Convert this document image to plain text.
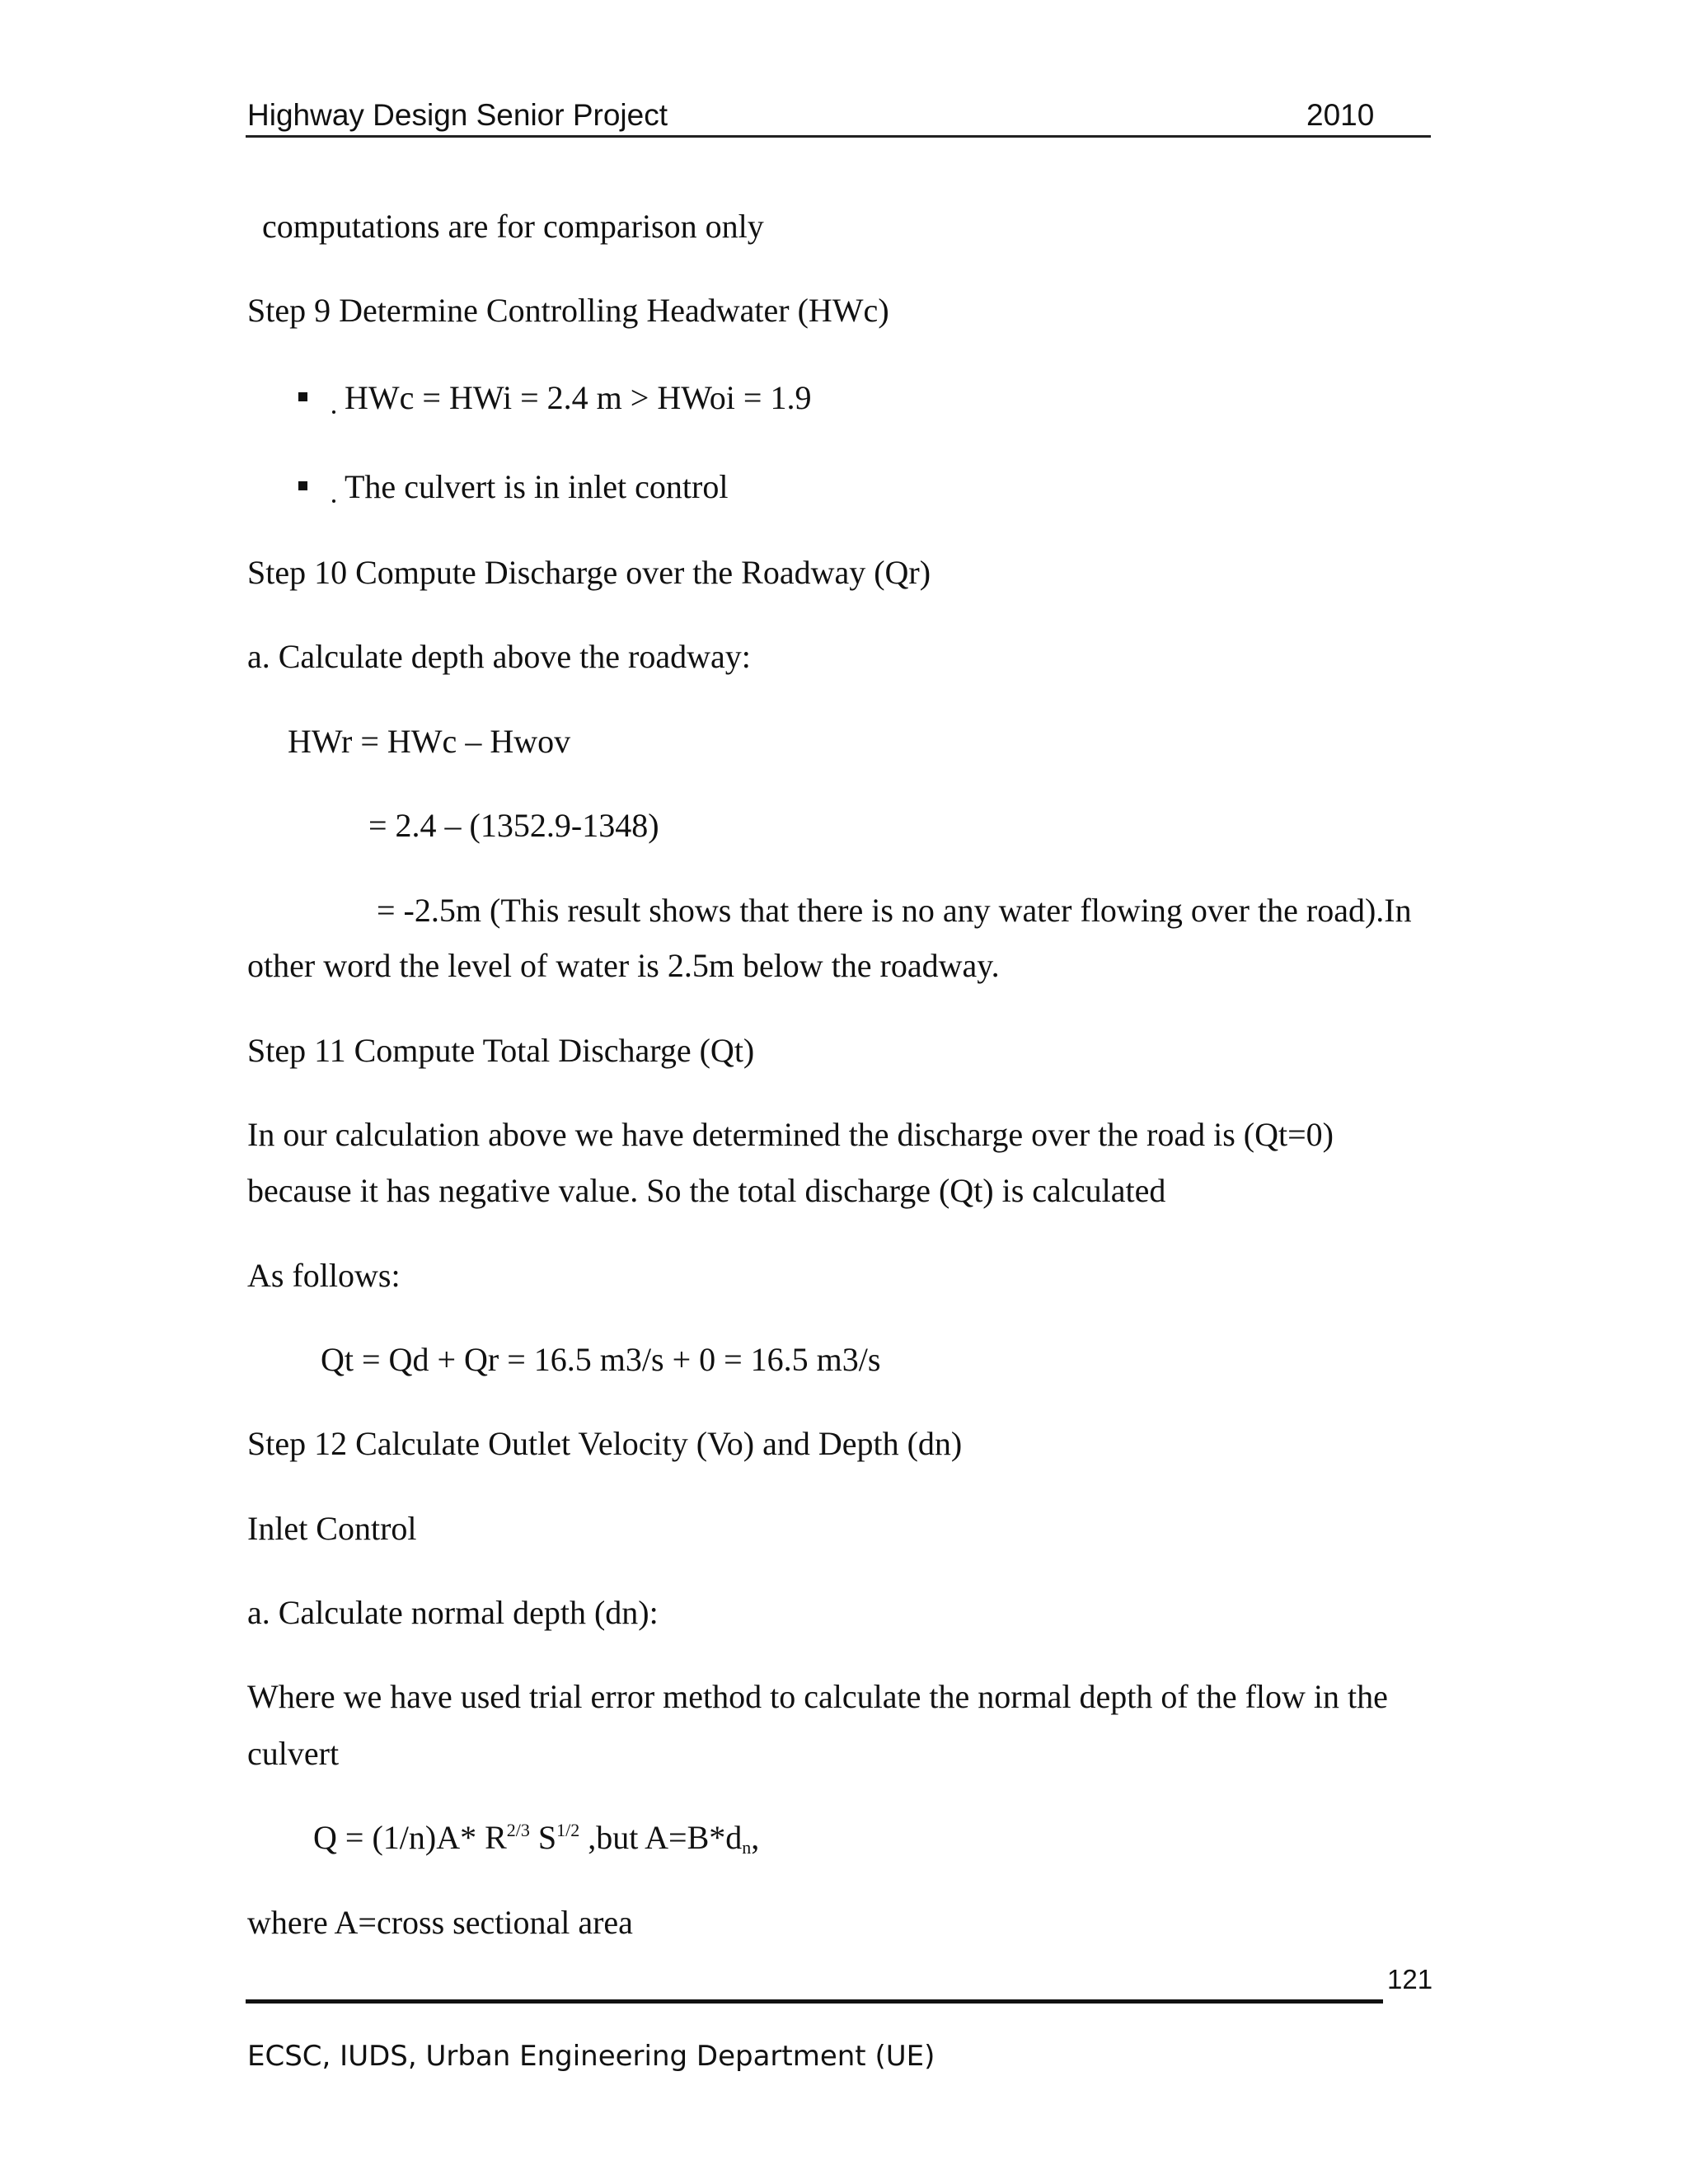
Highway Design Senior Project	2010
computations are for comparison only
Step 9 Determine Controlling Headwater (HWc)
HWc = HWi = 2.4 m > HWoi = 1.9
The culvert is in inlet control
Step 10 Compute Discharge over the Roadway (Qr)
a. Calculate depth above the roadway:
HWr = HWc – Hwov
= 2.4 – (1352.9-1348)
= -2.5m (This result shows that there is no any water flowing over the road).In
other word the level of water is 2.5m below the roadway.
Step 11 Compute Total Discharge (Qt)
In our calculation above we have determined the discharge over the road is (Qt=0)
because it has negative value. So the total discharge (Qt) is calculated
As follows:
Qt = Qd + Qr = 16.5 m3/s + 0 = 16.5 m3/s
Step 12 Calculate Outlet Velocity (Vo) and Depth (dn)
Inlet Control
a. Calculate normal depth (dn):
Where we have used trial error method to calculate the normal depth of the flow in the
culvert
Q = (1/n)A* $R^{2/3}$ $S^{1/2}$ ,but $A=B*d_n$,
where A=cross sectional area
121
ECSC, IUDS, Urban Engineering Department (UE)
